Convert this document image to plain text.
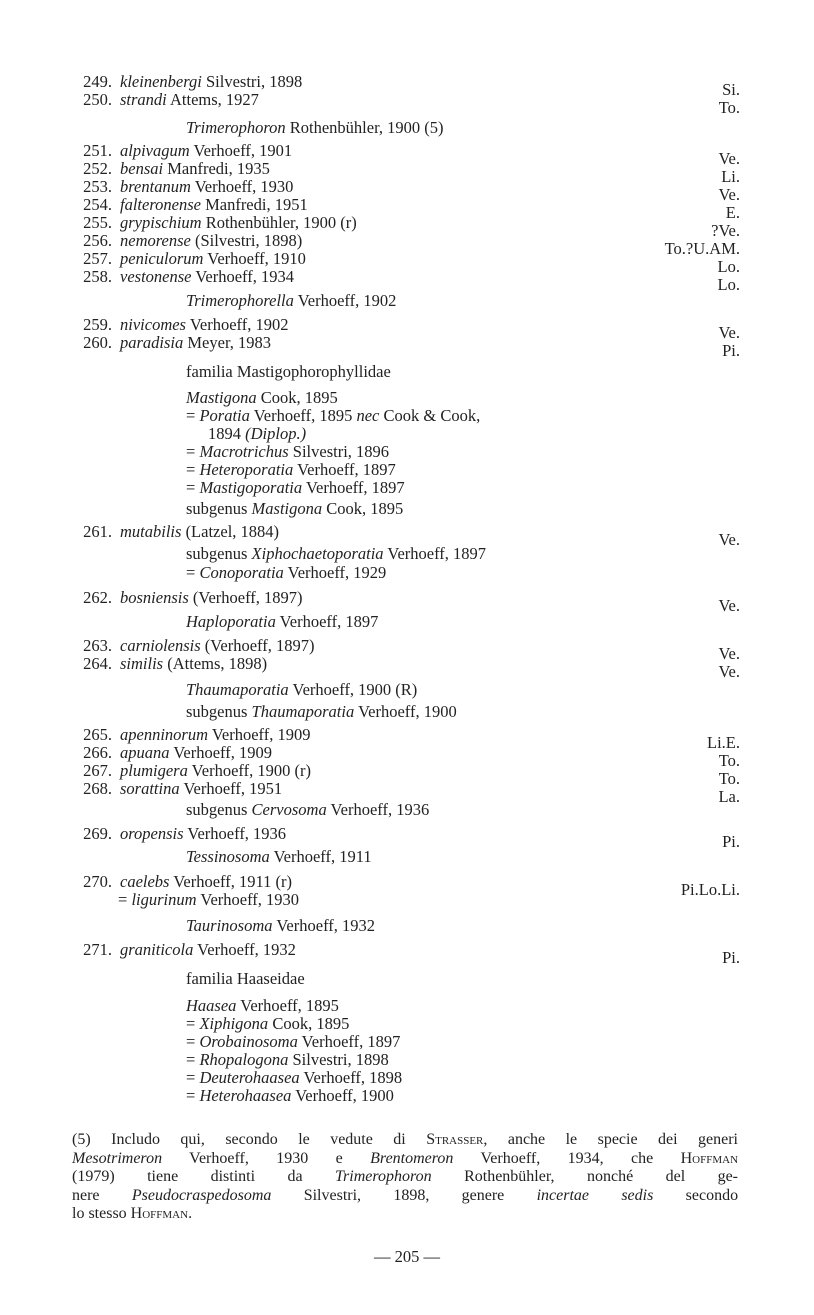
249. kleinenbergi Silvestri, 1898	Si.
250. strandi Attems, 1927	To.
251. alpivagum Verhoeff, 1901	Ve.
252. bensai Manfredi, 1935	Li.
253. brentanum Verhoeff, 1930	Ve.
254. falteronense Manfredi, 1951	E.
255. grypischium Rothenbühler, 1900 (r)	?Ve.
256. nemorense (Silvestri, 1898)	To.?U.AM.
257. peniculorum Verhoeff, 1910	Lo.
258. vestonense Verhoeff, 1934	Lo.
259. nivicomes Verhoeff, 1902	Ve.
260. paradisia Meyer, 1983	Pi.
261. mutabilis (Latzel, 1884)	Ve.
262. bosniensis (Verhoeff, 1897)	Ve.
263. carniolensis (Verhoeff, 1897)	Ve.
264. similis (Attems, 1898)	Ve.
265. apenninorum Verhoeff, 1909	Li.E.
266. apuana Verhoeff, 1909	To.
267. plumigera Verhoeff, 1900 (r)	To.
268. sorattina Verhoeff, 1951	La.
269. oropensis Verhoeff, 1936	Pi.
270. caelebs Verhoeff, 1911 (r)	Pi.Lo.Li.
271. graniticola Verhoeff, 1932	Pi.
Trimerophoron Rothenbühler, 1900 (5)
Trimerophorella Verhoeff, 1902
familia Mastigophorophyllidae
Mastigona Cook, 1895
= Poratia Verhoeff, 1895 nec Cook & Cook,
1894 (Diplop.)
= Macrotrichus Silvestri, 1896
= Heteroporatia Verhoeff, 1897
= Mastigoporatia Verhoeff, 1897
subgenus Mastigona Cook, 1895
subgenus Xiphochaetoporatia Verhoeff, 1897
= Conoporatia Verhoeff, 1929
Haploporatia Verhoeff, 1897
Thaumaporatia Verhoeff, 1900 (R)
subgenus Thaumaporatia Verhoeff, 1900
subgenus Cervosoma Verhoeff, 1936
Tessinosoma Verhoeff, 1911
= ligurinum Verhoeff, 1930
Taurinosoma Verhoeff, 1932
familia Haaseidae
Haasea Verhoeff, 1895
= Xiphigona Cook, 1895
= Orobainosoma Verhoeff, 1897
= Rhopalogona Silvestri, 1898
= Deuterohaasea Verhoeff, 1898
= Heterohaasea Verhoeff, 1900
(5) Includo qui, secondo le vedute di Strasser, anche le specie dei generi
Mesotrimeron Verhoeff, 1930 e Brentomeron Verhoeff, 1934, che Hoffman
(1979) tiene distinti da Trimerophoron Rothenbühler, nonché del ge-
nere Pseudocraspedosoma Silvestri, 1898, genere incertae sedis secondo
lo stesso Hoffman.
— 205 —
